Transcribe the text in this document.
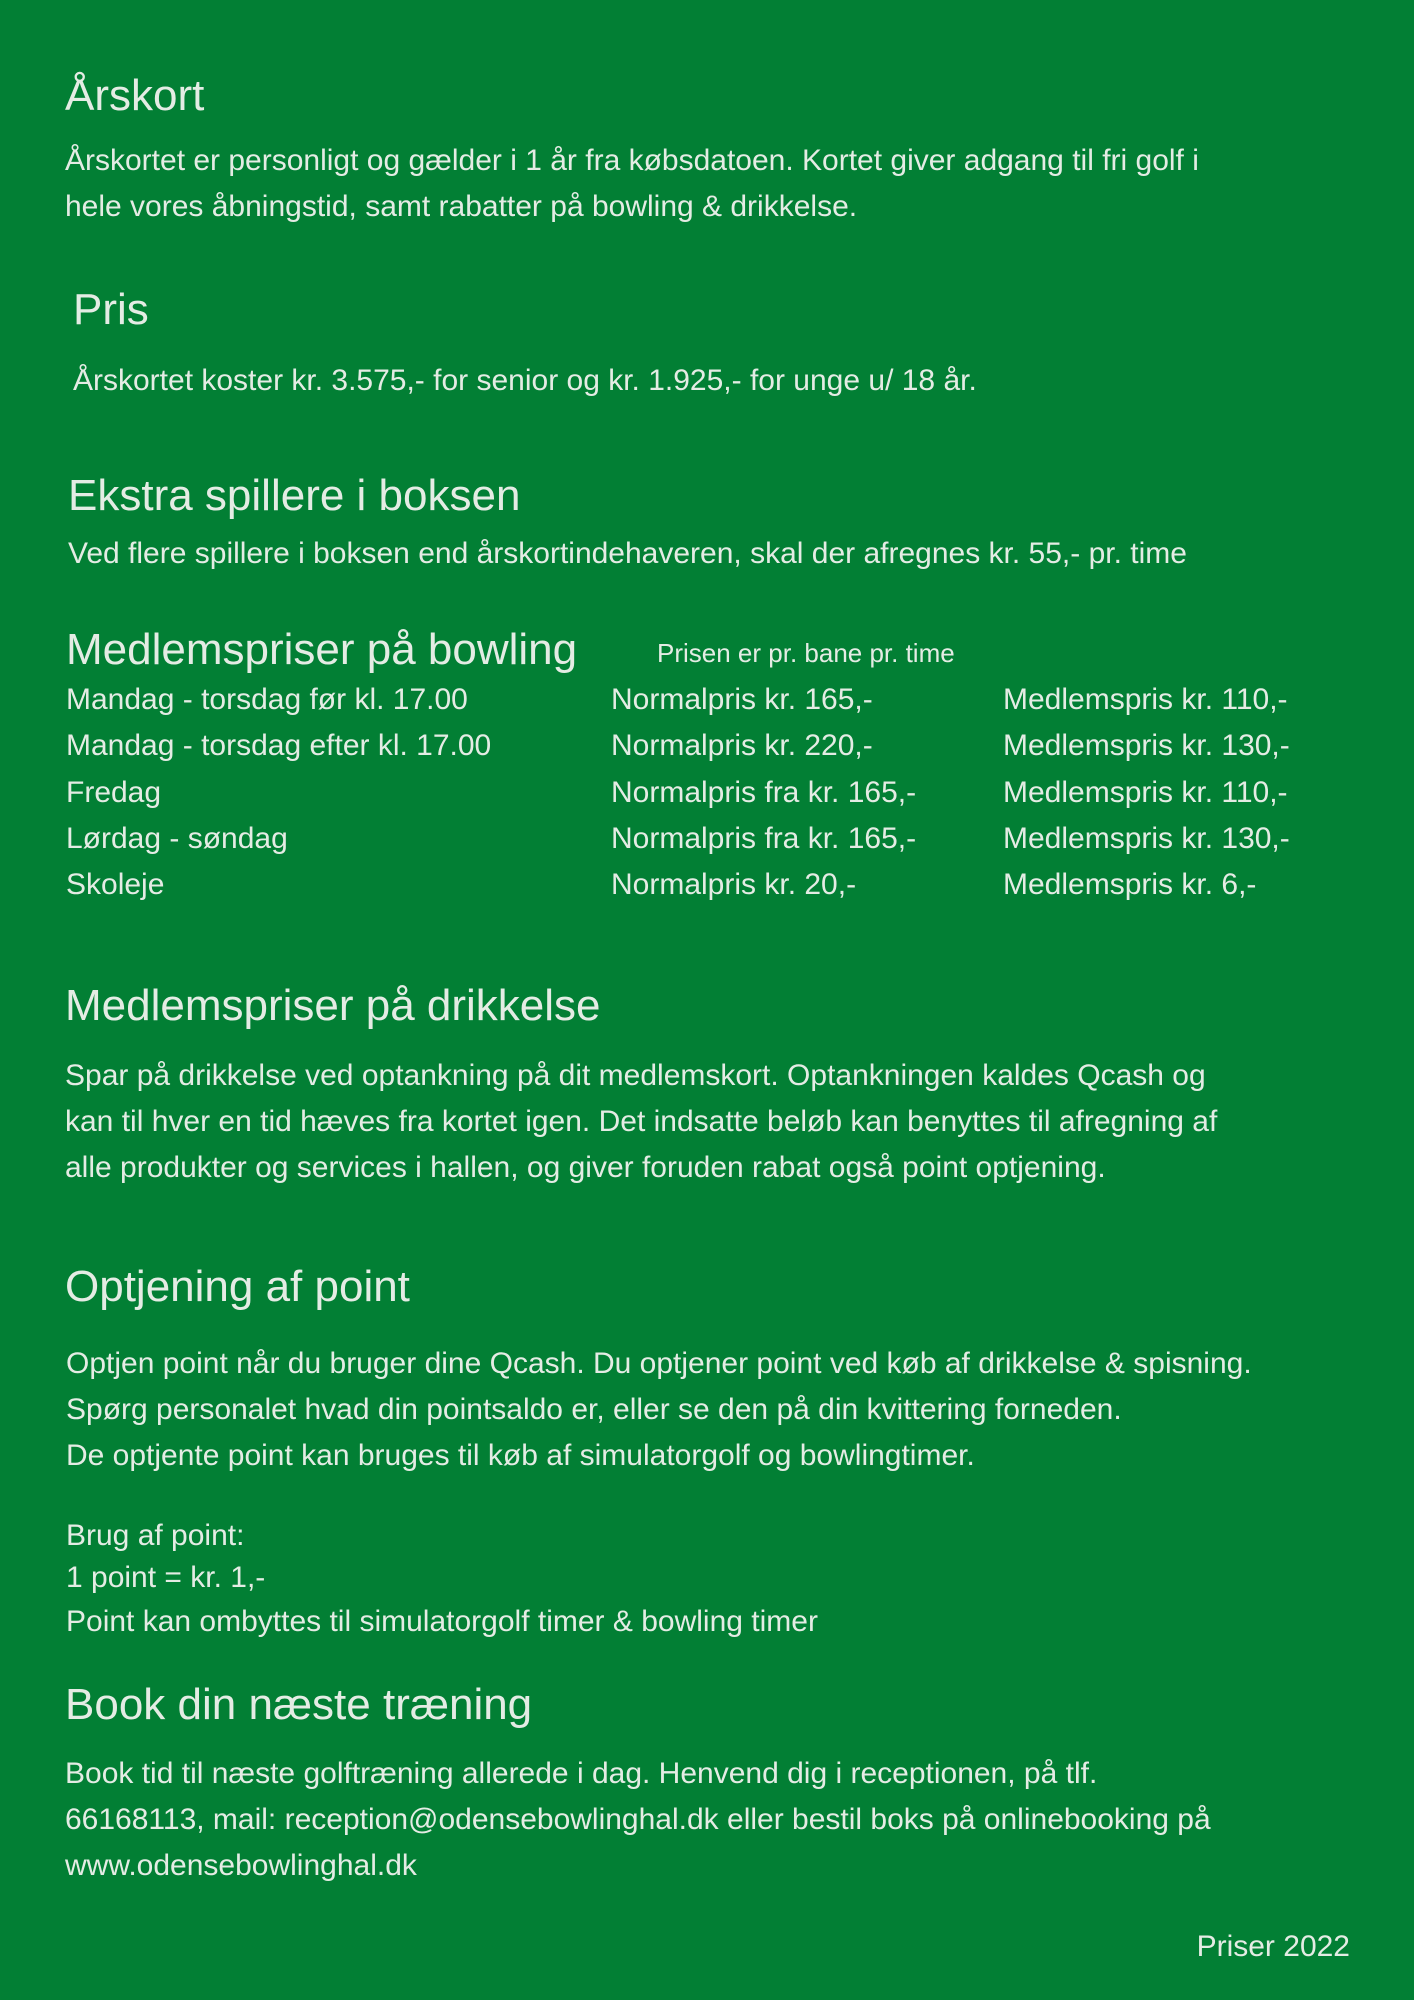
Årskort
Årskortet er personligt og gælder i 1 år fra købsdatoen. Kortet giver adgang til fri golf i
hele vores åbningstid, samt rabatter på bowling & drikkelse.
Pris
Årskortet koster kr. 3.575,- for senior og kr. 1.925,- for unge u/ 18 år.
Ekstra spillere i boksen
Ved flere spillere i boksen end årskortindehaveren, skal der afregnes kr. 55,- pr. time
Medlemspriser på bowling	Prisen er pr. bane pr. time
Mandag - torsdag før kl. 17.00	Normalpris kr. 165,-	Medlemspris kr. 110,-
Mandag - torsdag efter kl. 17.00	Normalpris kr. 220,-	Medlemspris kr. 130,-
Fredag	Normalpris fra kr. 165,-	Medlemspris kr. 110,-
Lørdag - søndag	Normalpris fra kr. 165,-	Medlemspris kr. 130,-
Skoleje	Normalpris kr. 20,-	Medlemspris kr. 6,-
Medlemspriser på drikkelse
Spar på drikkelse ved optankning på dit medlemskort. Optankningen kaldes Qcash og
kan til hver en tid hæves fra kortet igen. Det indsatte beløb kan benyttes til afregning af
alle produkter og services i hallen, og giver foruden rabat også point optjening.
Optjening af point
Optjen point når du bruger dine Qcash. Du optjener point ved køb af drikkelse & spisning.
Spørg personalet hvad din pointsaldo er, eller se den på din kvittering forneden.
De optjente point kan bruges til køb af simulatorgolf og bowlingtimer.
Brug af point:
1 point = kr. 1,-
Point kan ombyttes til simulatorgolf timer & bowling timer
Book din næste træning
Book tid til næste golftræning allerede i dag. Henvend dig i receptionen, på tlf.
66168113, mail: reception@odensebowlinghal.dk eller bestil boks på onlinebooking på
www.odensebowlinghal.dk
Priser 2022
